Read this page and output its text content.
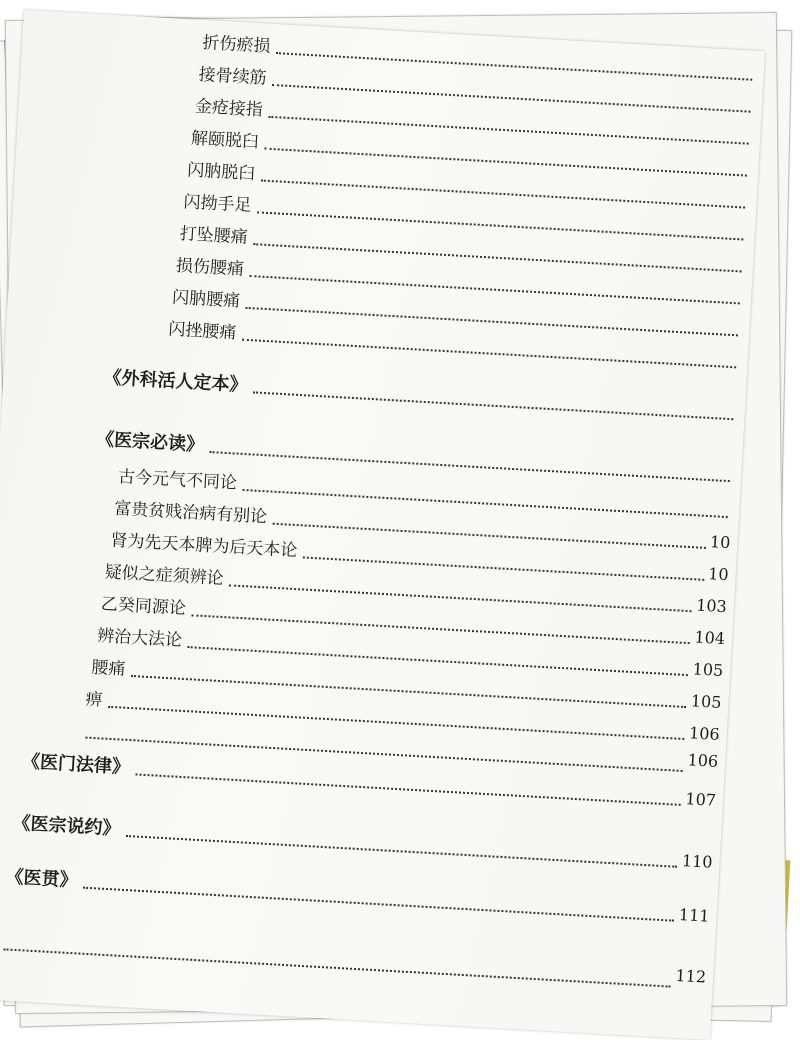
折伤瘀损
接骨续筋
金疮接指
解颐脱臼
闪肭脱臼
闪拗手足
打坠腰痛
损伤腰痛
闪肭腰痛
闪挫腰痛
《外科活人定本》
《医宗必读》
古今元气不同论
富贵贫贱治病有别论
10
肾为先天本脾为后天本论
10
疑似之症须辨论
103
乙癸同源论
104
辨治大法论
105
腰痛
105
痹
106
106
《医门法律》
107
《医宗说约》
110
《医贯》
111
112
